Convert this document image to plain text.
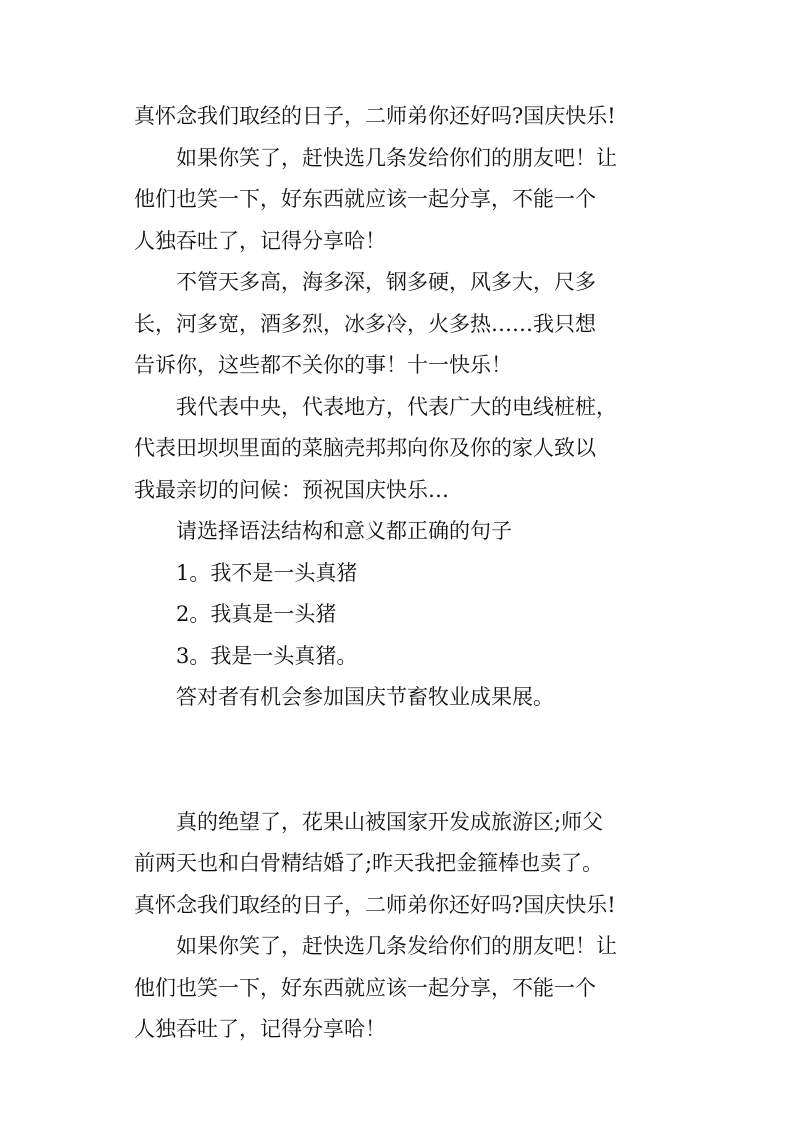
真怀念我们取经的日子，二师弟你还好吗?国庆快乐!
如果你笑了，赶快选几条发给你们的朋友吧！让
他们也笑一下，好东西就应该一起分享，不能一个
人独吞吐了，记得分享哈！
不管天多高，海多深，钢多硬，风多大，尺多
长，河多宽，酒多烈，冰多冷，火多热……我只想
告诉你，这些都不关你的事！十一快乐！
我代表中央，代表地方，代表广大的电线桩桩，
代表田坝坝里面的菜脑壳邦邦向你及你的家人致以
我最亲切的问候：预祝国庆快乐…
请选择语法结构和意义都正确的句子
1。我不是一头真猪
2。我真是一头猪
3。我是一头真猪。
答对者有机会参加国庆节畜牧业成果展。
真的绝望了，花果山被国家开发成旅游区;师父
前两天也和白骨精结婚了;昨天我把金箍棒也卖了。
真怀念我们取经的日子，二师弟你还好吗?国庆快乐!
如果你笑了，赶快选几条发给你们的朋友吧！让
他们也笑一下，好东西就应该一起分享，不能一个
人独吞吐了，记得分享哈！
